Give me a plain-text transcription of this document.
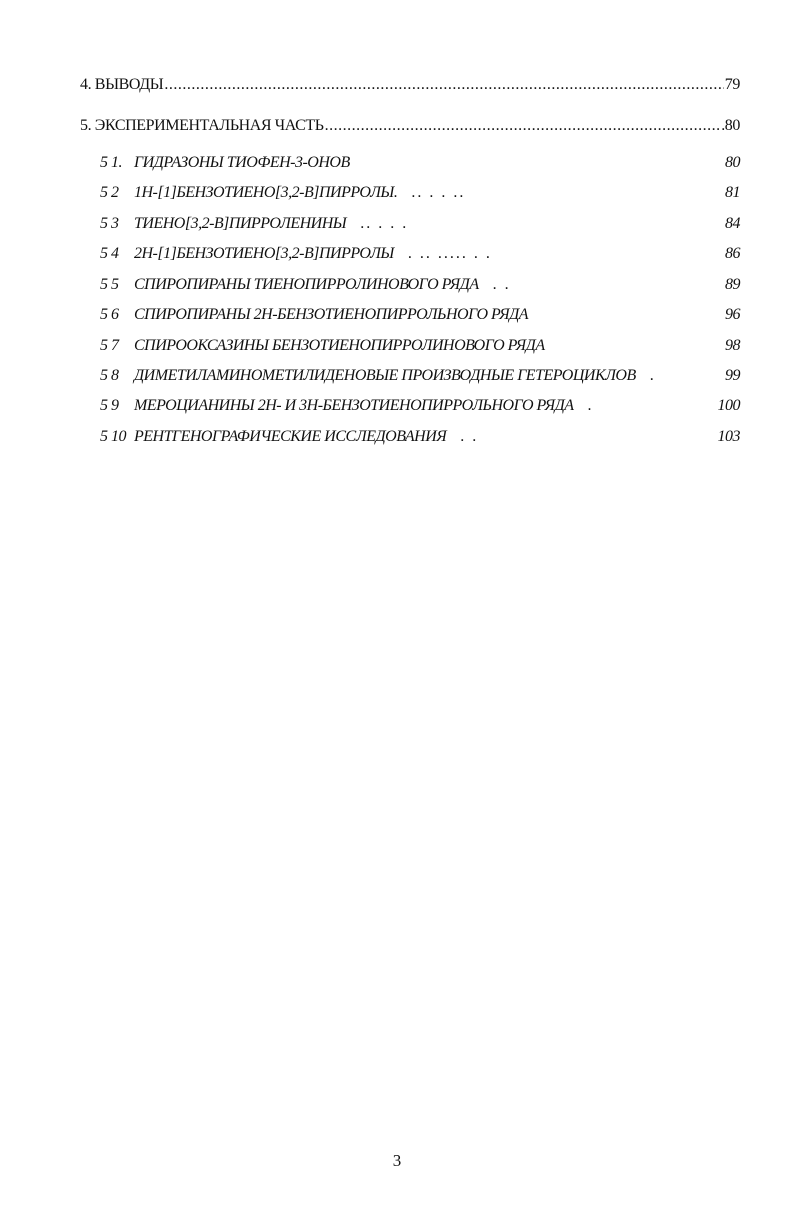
4. ВЫВОДЫ .....	79
5. ЭКСПЕРИМЕНТАЛЬНАЯ ЧАСТЬ .....	.80
5 1. ГИДРАЗОНЫ ТИОФЕН-3-ОНОВ	80
5 2 1Н-[1]БЕНЗОТИЕНО[3,2-В]ПИРРОЛЫ. .. . . ..	81
5 3 ТИЕНО[3,2-В]ПИРРОЛЕНИНЫ .. . . .	84
5 4 2Н-[1]БЕНЗОТИЕНО[3,2-В]ПИРРОЛЫ . .. ..... . .	86
5 5 СПИРОПИРАНЫ ТИЕНОПИРРОЛИНОВОГО РЯДА . .	89
5 6 СПИРОПИРАНЫ 2Н-БЕНЗОТИЕНОПИРРОЛЬНОГО РЯДА	96
5 7 СПИРООКСАЗИНЫ БЕНЗОТИЕНОПИРРОЛИНОВОГО РЯДА	98
5 8 ДИМЕТИЛАМИНОМЕТИЛИДЕНОВЫЕ ПРОИЗВОДНЫЕ ГЕТЕРОЦИКЛОВ .	99
5 9 МЕРОЦИАНИНЫ 2Н- И 3Н-БЕНЗОТИЕНОПИРРОЛЬНОГО РЯДА .	100
5 10 РЕНТГЕНОГРАФИЧЕСКИЕ ИССЛЕДОВАНИЯ . .	103
3
